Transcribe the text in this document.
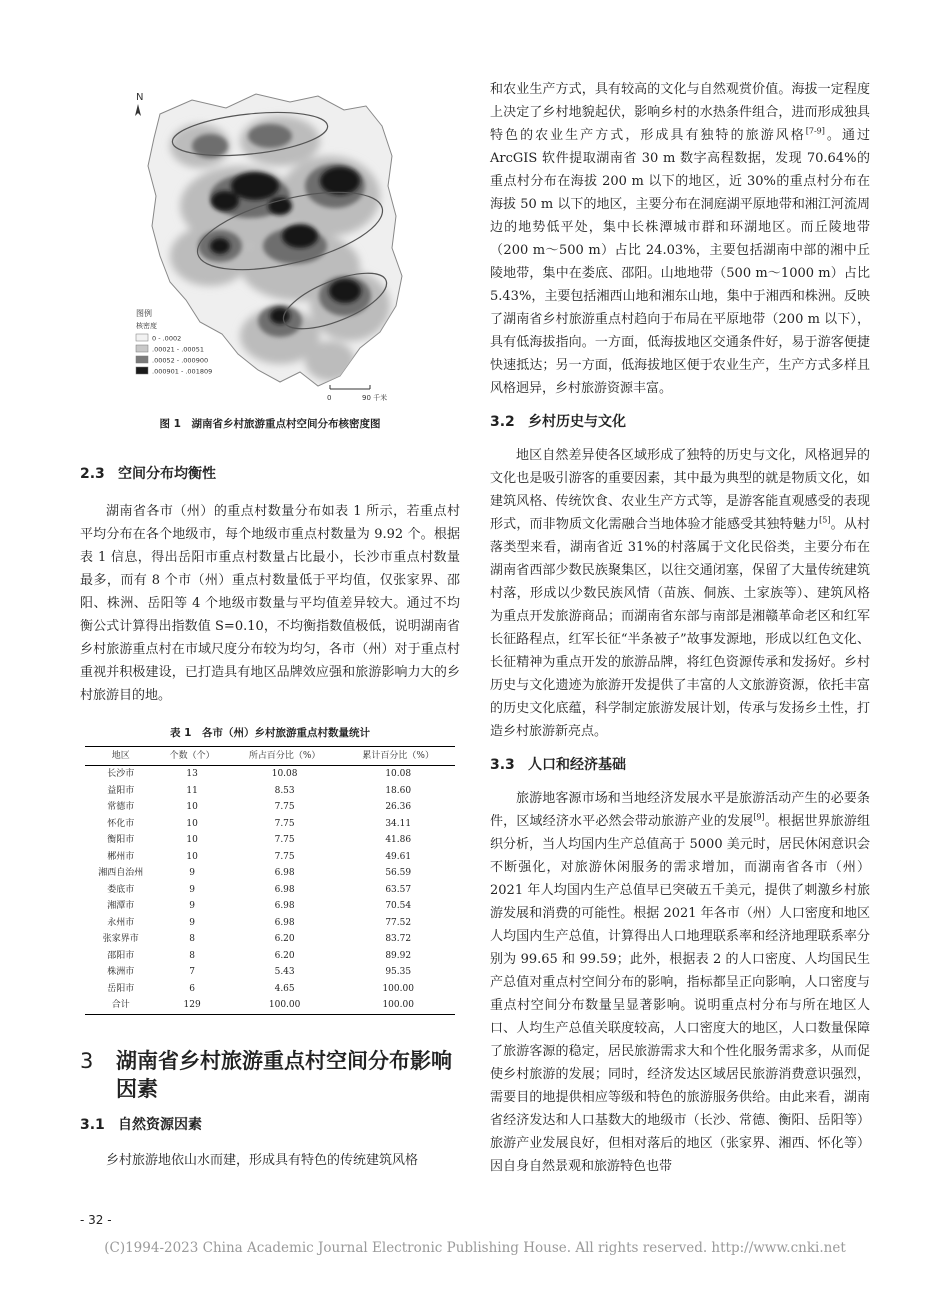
N
图例
核密度
0 - .0002
.00021 - .00051
.00052 - .000900
.000901 - .001809
0	90 千米
图 1　湖南省乡村旅游重点村空间分布核密度图
2.3 空间分布均衡性

湖南省各市（州）的重点村数量分布如表 1 所示，若重点村平均分布在各个地级市，每个地级市重点村数量为 9.92 个。根据表 1 信息，得出岳阳市重点村数量占比最小，长沙市重点村数量最多，而有 8 个市（州）重点村数量低于平均值，仅张家界、邵阳、株洲、岳阳等 4 个地级市数量与平均值差异较大。通过不均衡公式计算得出指数值 S=0.10，不均衡指数值极低，说明湖南省乡村旅游重点村在市域尺度分布较为均匀，各市（州）对于重点村重视并积极建设，已打造具有地区品牌效应强和旅游影响力大的乡村旅游目的地。

表 1　各市（州）乡村旅游重点村数量统计

地区	个数（个）	所占百分比（%）	累计百分比（%）
长沙市	13	10.08	10.08
益阳市	11	8.53	18.60
常德市	10	7.75	26.36
怀化市	10	7.75	34.11
衡阳市	10	7.75	41.86
郴州市	10	7.75	49.61
湘西自治州	9	6.98	56.59
娄底市	9	6.98	63.57
湘潭市	9	6.98	70.54
永州市	9	6.98	77.52
张家界市	8	6.20	83.72
邵阳市	8	6.20	89.92
株洲市	7	5.43	95.35
岳阳市	6	4.65	100.00
合计	129	100.00	100.00
3	湖南省乡村旅游重点村空间分布影响因素
3.1 自然资源因素

乡村旅游地依山水而建，形成具有特色的传统建筑风格

和农业生产方式，具有较高的文化与自然观赏价值。海拔一定程度上决定了乡村地貌起伏，影响乡村的水热条件组合，进而形成独具特色的农业生产方式，形成具有独特的旅游风格[7-9]。通过 ArcGIS 软件提取湖南省 30 m 数字高程数据，发现 70.64%的重点村分布在海拔 200 m 以下的地区，近 30%的重点村分布在海拔 50 m 以下的地区，主要分布在洞庭湖平原地带和湘江河流周边的地势低平处，集中长株潭城市群和环湖地区。而丘陵地带（200 m～500 m）占比 24.03%，主要包括湖南中部的湘中丘陵地带，集中在娄底、邵阳。山地地带（500 m～1000 m）占比 5.43%，主要包括湘西山地和湘东山地，集中于湘西和株洲。反映了湖南省乡村旅游重点村趋向于布局在平原地带（200 m 以下），具有低海拔指向。一方面，低海拔地区交通条件好，易于游客便捷快速抵达；另一方面，低海拔地区便于农业生产，生产方式多样且风格迥异，乡村旅游资源丰富。

3.2 乡村历史与文化

地区自然差异使各区域形成了独特的历史与文化，风格迥异的文化也是吸引游客的重要因素，其中最为典型的就是物质文化，如建筑风格、传统饮食、农业生产方式等，是游客能直观感受的表现形式，而非物质文化需融合当地体验才能感受其独特魅力[5]。从村落类型来看，湖南省近 31%的村落属于文化民俗类，主要分布在湖南省西部少数民族聚集区，以往交通闭塞，保留了大量传统建筑村落，形成以少数民族风情（苗族、侗族、土家族等）、建筑风格为重点开发旅游商品；而湖南省东部与南部是湘赣革命老区和红军长征路程点，红军长征“半条被子”故事发源地，形成以红色文化、长征精神为重点开发的旅游品牌，将红色资源传承和发扬好。乡村历史与文化遗迹为旅游开发提供了丰富的人文旅游资源，依托丰富的历史文化底蕴，科学制定旅游发展计划，传承与发扬乡土性，打造乡村旅游新亮点。

3.3 人口和经济基础

旅游地客源市场和当地经济发展水平是旅游活动产生的必要条件，区域经济水平必然会带动旅游产业的发展[9]。根据世界旅游组织分析，当人均国内生产总值高于 5000 美元时，居民休闲意识会不断强化，对旅游休闲服务的需求增加，而湖南省各市（州）2021 年人均国内生产总值早已突破五千美元，提供了刺激乡村旅游发展和消费的可能性。根据 2021 年各市（州）人口密度和地区人均国内生产总值，计算得出人口地理联系率和经济地理联系率分别为 99.65 和 99.59；此外，根据表 2 的人口密度、人均国民生产总值对重点村空间分布的影响，指标都呈正向影响，人口密度与重点村空间分布数量呈显著影响。说明重点村分布与所在地区人口、人均生产总值关联度较高，人口密度大的地区，人口数量保障了旅游客源的稳定，居民旅游需求大和个性化服务需求多，从而促使乡村旅游的发展；同时，经济发达区域居民旅游消费意识强烈，需要目的地提供相应等级和特色的旅游服务供给。由此来看，湖南省经济发达和人口基数大的地级市（长沙、常德、衡阳、岳阳等）旅游产业发展良好，但相对落后的地区（张家界、湘西、怀化等）因自身自然景观和旅游特色也带

- 32 -
(C)1994-2023 China Academic Journal Electronic Publishing House. All rights reserved. http://www.cnki.net
